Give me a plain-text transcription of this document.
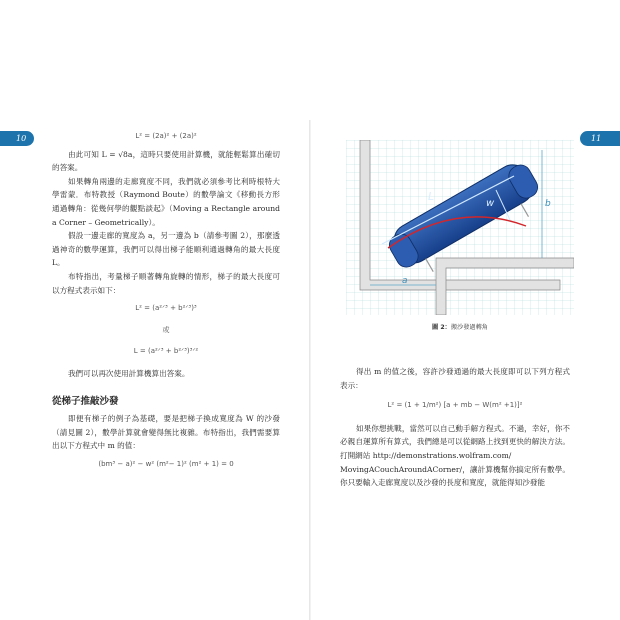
10	11
L² = (2a)² + (2a)²

由此可知 L = √8a，這時只要使用計算機，就能輕鬆算出確切的答案。

如果轉角兩邊的走廊寬度不同，我們就必須參考比利時根特大學雷蒙．布特教授（Raymond Boute）的數學論文《移動長方形通過轉角：從幾何學的觀點談起》（Moving a Rectangle around a Corner – Geometrically）。

假設一邊走廊的寬度為 a，另一邊為 b（請參考圖 2），那麼透過神奇的數學運算，我們可以得出梯子能順利通過轉角的最大長度 L。

布特指出，考量梯子順著轉角旋轉的情形，梯子的最大長度可以方程式表示如下：

L² = (a²ᐟ³ + b²ᐟ³)³
或
L = (a²ᐟ³ + b²ᐟ³)³ᐟ²

我們可以再次使用計算機算出答案。

從梯子推敲沙發

即便有梯子的例子為基礎，要是把梯子換成寬度為 W 的沙發（請見圖 2），數學計算就會變得無比複雜。布特指出，我們需要算出以下方程式中 m 的值：

(bm³ − a)² − w² (m²− 1)² (m² + 1) = 0
L
w
a
b
圖 2：搬沙發過轉角

得出 m 的值之後，容許沙發通過的最大長度即可以下列方程式表示：

L² = (1 + 1/m²) [a + mb − W(m² +1)]²

如果你想挑戰，當然可以自己動手解方程式。不過，幸好，你不必親自運算所有算式，我們總是可以從網路上找到更快的解決方法。打開網站 http://demonstrations.wolfram.com/

MovingACouchAroundACorner/，讓計算機幫你搞定所有數學。你只要輸入走廊寬度以及沙發的長度和寬度，就能得知沙發能
